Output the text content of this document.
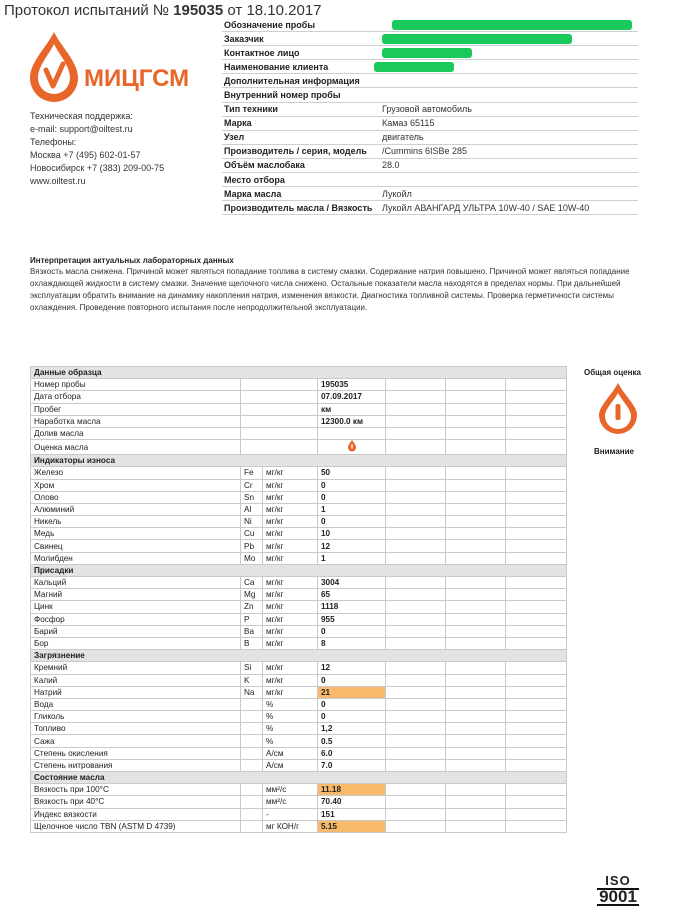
Протокол испытаний № 195035 от 18.10.2017
МИЦГСМ
Техническая поддержка:
e-mail: support@oiltest.ru
Телефоны:
Москва +7 (495) 602-01-57
Новосибирск +7 (383) 209-00-75
www.oiltest.ru
Обозначение пробы	

Заказчик	

Контактное лицо	

Наименование клиента	

Дополнительная информация	
Внутренний номер пробы	
Тип техники	Грузовой автомобиль
Марка	Камаз 65115
Узел	двигатель
Производитель / серия, модель	/Cummins 6ISBe 285
Объём маслобака	28.0
Место отбора	
Марка масла	Лукойл
Производитель масла / Вязкость	Лукойл АВАНГАРД УЛЬТРА 10W-40 / SAE 10W-40
Интерпретация актуальных лабораторных данных
Вязкость масла снижена. Причиной может являться попадание топлива в систему смазки. Содержание натрия повышено. Причиной может являться попадание охлаждающей жидкости в систему смазки. Значение щелочного числа снижено. Остальные показатели масла находятся в пределах нормы. При дальнейшей эксплуатации обратить внимание на динамику накопления натрия, изменения вязкости. Диагностика топливной системы. Проверка герметичности системы охлаждения. Проведение повторного испытания после непродолжительной эксплуатации.
Данные образца						
Номер пробы			195035			
Дата отбора			07.09.2017			
Пробег			км			
Наработка масла			12300.0 км			
Долив масла						
Оценка масла					
Индикаторы износа						
Железо	Fe	мг/кг	50			
Хром	Cr	мг/кг	0			
Олово	Sn	мг/кг	0			
Алюминий	Al	мг/кг	1			
Никель	Ni	мг/кг	0			
Медь	Cu	мг/кг	10			
Свинец	Pb	мг/кг	12			
Молибден	Mo	мг/кг	1			
Присадки						
Кальций	Ca	мг/кг	3004			
Магний	Mg	мг/кг	65			
Цинк	Zn	мг/кг	1118			
Фосфор	P	мг/кг	955			
Барий	Ba	мг/кг	0			
Бор	B	мг/кг	8			
Загрязнение						
Кремний	Si	мг/кг	12			
Калий	K	мг/кг	0			
Натрий	Na	мг/кг	21			
Вода		%	0			
Гликоль		%	0			
Топливо		%	1,2			
Сажа		%	0.5			
Степень окисления		A/см	6.0			
Степень нитрования		A/см	7.0			
Состояние масла						
Вязкость при 100°C		мм²/с	11.18			
Вязкость при 40°C		мм²/с	70.40			
Индекс вязкости		-	151			
Щелочное число TBN (ASTM D 4739)		мг КОН/г	5.15			
Общая оценка
Внимание
ISO
9001
